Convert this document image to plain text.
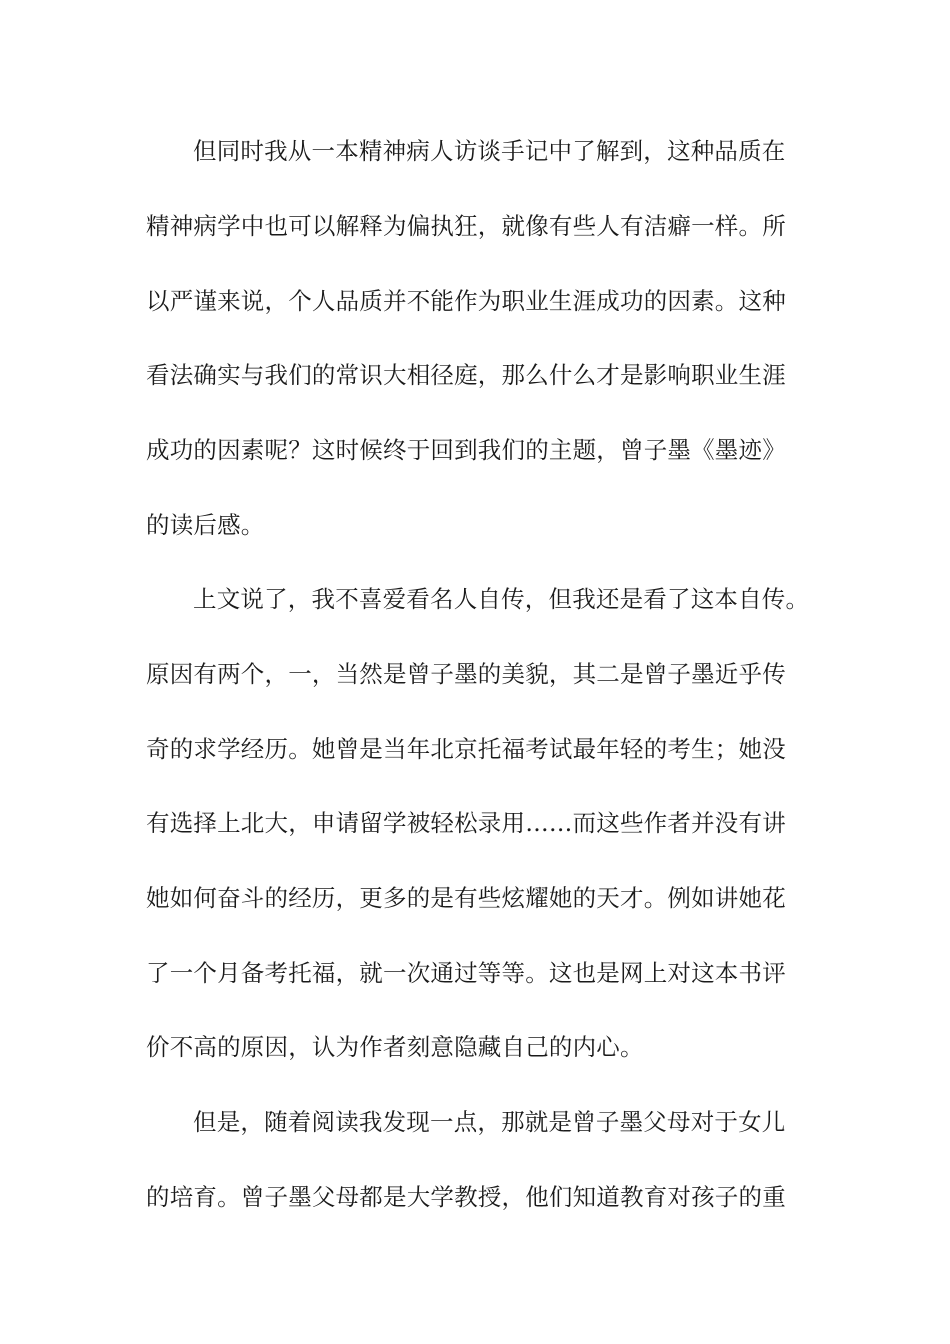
但同时我从一本精神病人访谈手记中了解到，这种品质在
精神病学中也可以解释为偏执狂，就像有些人有洁癖一样。所
以严谨来说，个人品质并不能作为职业生涯成功的因素。这种
看法确实与我们的常识大相径庭，那么什么才是影响职业生涯
成功的因素呢？这时候终于回到我们的主题，曾子墨《墨迹》
的读后感。
上文说了，我不喜爱看名人自传，但我还是看了这本自传。
原因有两个，一，当然是曾子墨的美貌，其二是曾子墨近乎传
奇的求学经历。她曾是当年北京托福考试最年轻的考生；她没
有选择上北大，申请留学被轻松录用……而这些作者并没有讲
她如何奋斗的经历，更多的是有些炫耀她的天才。例如讲她花
了一个月备考托福，就一次通过等等。这也是网上对这本书评
价不高的原因，认为作者刻意隐藏自己的内心。
但是，随着阅读我发现一点，那就是曾子墨父母对于女儿
的培育。曾子墨父母都是大学教授，他们知道教育对孩子的重
